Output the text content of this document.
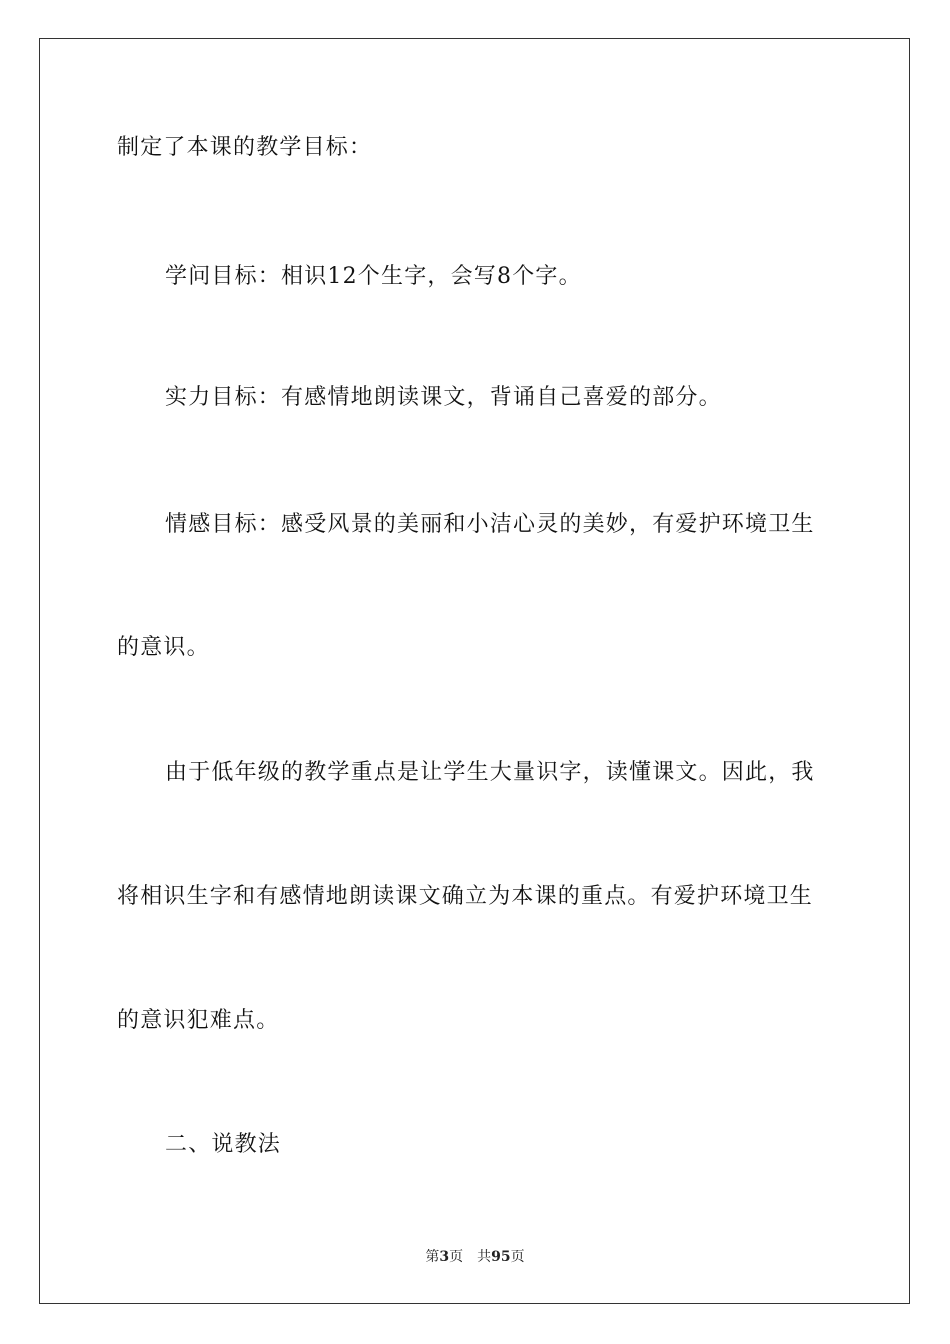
制定了本课的教学目标：
学问目标：相识12个生字，会写8个字。
实力目标：有感情地朗读课文，背诵自己喜爱的部分。
情感目标：感受风景的美丽和小洁心灵的美妙，有爱护环境卫生
的意识。
由于低年级的教学重点是让学生大量识字，读懂课文。因此，我
将相识生字和有感情地朗读课文确立为本课的重点。有爱护环境卫生
的意识犯难点。
二、说教法
第3页 共95页
